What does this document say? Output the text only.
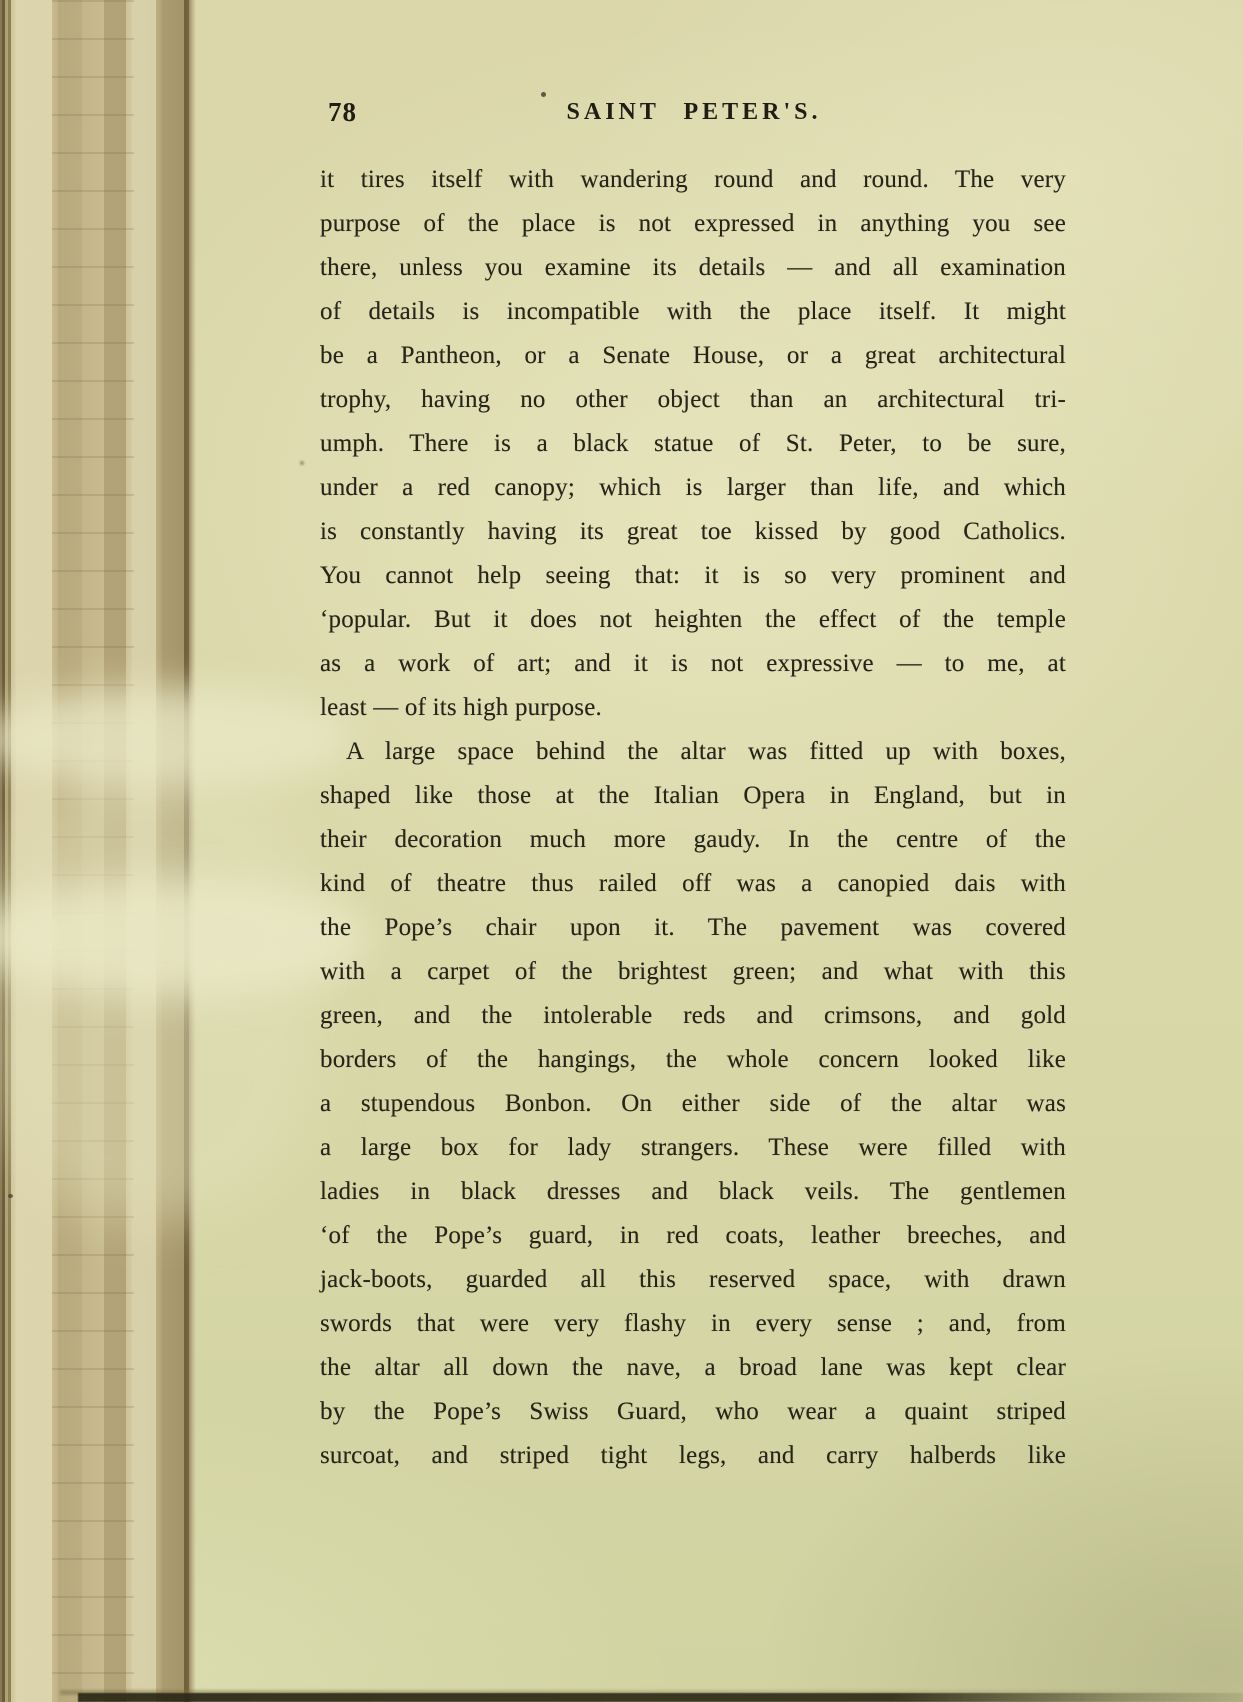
78	SAINT PETER'S.
it tires itself with wandering round and round. The very
purpose of the place is not expressed in anything you see
there, unless you examine its details — and all examination
of details is incompatible with the place itself. It might
be a Pantheon, or a Senate House, or a great architectural
trophy, having no other object than an architectural tri-
umph. There is a black statue of St. Peter, to be sure,
under a red canopy; which is larger than life, and which
is constantly having its great toe kissed by good Catholics.
You cannot help seeing that: it is so very prominent and
‘popular. But it does not heighten the effect of the temple
as a work of art; and it is not expressive — to me, at
least — of its high purpose.
A large space behind the altar was fitted up with boxes,
shaped like those at the Italian Opera in England, but in
their decoration much more gaudy. In the centre of the
kind of theatre thus railed off was a canopied dais with
the Pope’s chair upon it. The pavement was covered
with a carpet of the brightest green; and what with this
green, and the intolerable reds and crimsons, and gold
borders of the hangings, the whole concern looked like
a stupendous Bonbon. On either side of the altar was
a large box for lady strangers. These were filled with
ladies in black dresses and black veils. The gentlemen
‘of the Pope’s guard, in red coats, leather breeches, and
jack-boots, guarded all this reserved space, with drawn
swords that were very flashy in every sense ; and, from
the altar all down the nave, a broad lane was kept clear
by the Pope’s Swiss Guard, who wear a quaint striped
surcoat, and striped tight legs, and carry halberds like
